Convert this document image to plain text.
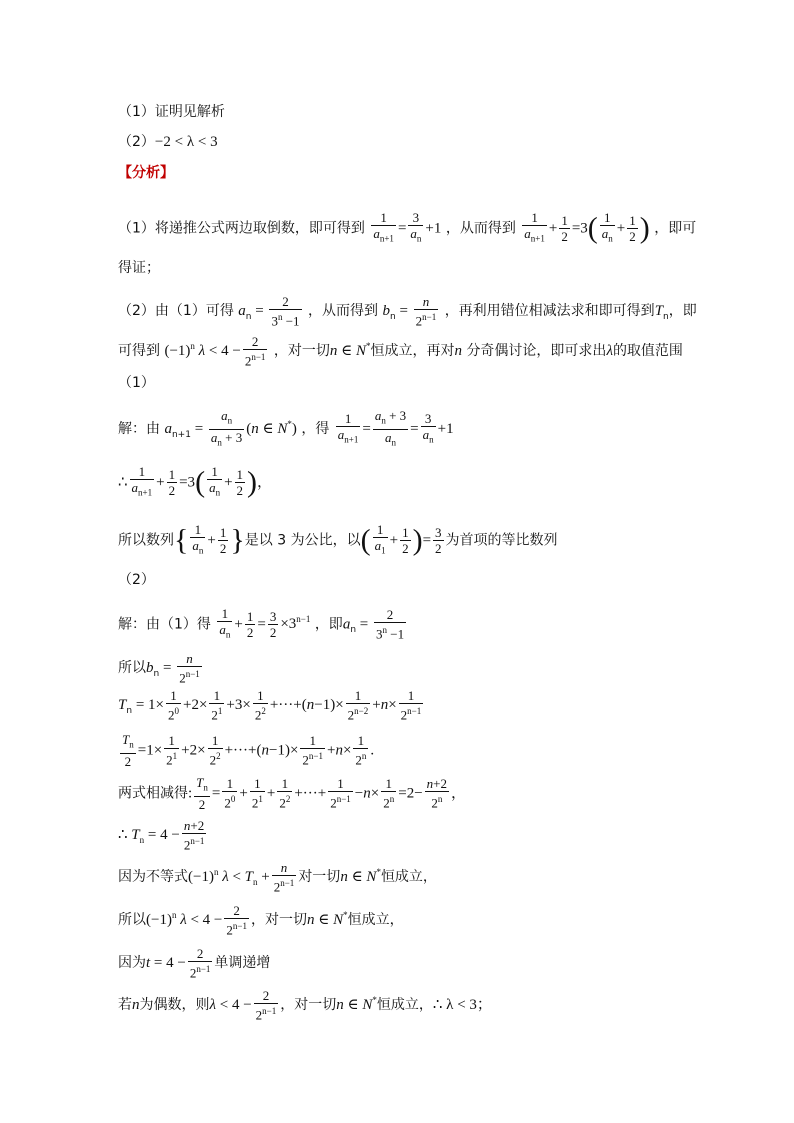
（1）证明见解析
（2）−2 < λ < 3
【分析】
（1）将递推公式两边取倒数，即可得到 $\frac{1}{a_{n+1}} = \frac{3}{a_n} +1$ ，从而得到 $\frac{1}{a_{n+1}} + \frac{1}{2} =3( \frac{1}{a_n} + \frac{1}{2}$ ) ，即可
得证；
（2）由（1）可得 $a_n = \frac{2}{3^n -1}$ ，从而得到 $b_n = \frac{n}{2^{n-1}}$ ，再利用错位相减法求和即可得到$T_n$，即
可得到 $(-1)^n$ $\lambda < 4 - \frac{2}{2^{n-1}}$ ，对一切n ∈ N*恒成立，再对n 分奇偶讨论，即可求出λ的取值范围
（1）
解：由 $a_{n+1} = \frac{a_n}{a_n + 3} (n$ ∈ N*) ，得 $\frac{1}{a_{n+1}} = \frac{a_n + 3}{a_n} = \frac{3}{a_n} +1$
∴ $\frac{1}{a_{n+1}} + \frac{1}{2} =3( \frac{1}{a_n} + \frac{1}{2}$ )，
所以数列{ $\frac{1}{a_n} + \frac{1}{2}$ }是以 3 为公比，以( $\frac{1}{a_1} + \frac{1}{2}$ )= $\frac{3}{2}$ 为首项的等比数列
（2）
解：由（1）得 $\frac{1}{a_n} + \frac{1}{2} = \frac{3}{2} \times 3^{n-1}$ ，即$a_n = \frac{2}{3^n -1}$
所以$b_n = \frac{n}{2^{n-1}}$
$T_n = 1\times \frac{1}{2^0} +2\times \frac{1}{2^1} +3\times \frac{1}{2^2} +\cdot\cdot\cdot+(n-1)\times \frac{1}{2^{n-2}} +n\times \frac{1}{2^{n-1}}$
$\frac{T_n}{2} =1\times \frac{1}{2^1} +2\times \frac{1}{2^2} +\cdot\cdot\cdot+(n-1)\times \frac{1}{2^{n-1}} +n\times \frac{1}{2^n}$ .
两式相减得: $\frac{T_n}{2} = \frac{1}{2^0} + \frac{1}{2^1} + \frac{1}{2^2}$ +···+ $\frac{1}{2^{n-1}} -n\times \frac{1}{2^n} =2- \frac{n+2}{2^n}$ ，
∴ $T_n = 4 - \frac{n+2}{2^{n-1}}$
因为不等式$(-1)^n$ $\lambda < T_n + \frac{n}{2^{n-1}}$ 对一切n ∈ N*恒成立，
所以$(-1)^n$ $\lambda < 4 - \frac{2}{2^{n-1}}$ ，对一切n ∈ N*恒成立，
因为$t = 4 - \frac{2}{2^{n-1}}$ 单调递增
若n为偶数，则$\lambda < 4 - \frac{2}{2^{n-1}}$ ，对一切n ∈ N*恒成立，∴ λ < 3；
